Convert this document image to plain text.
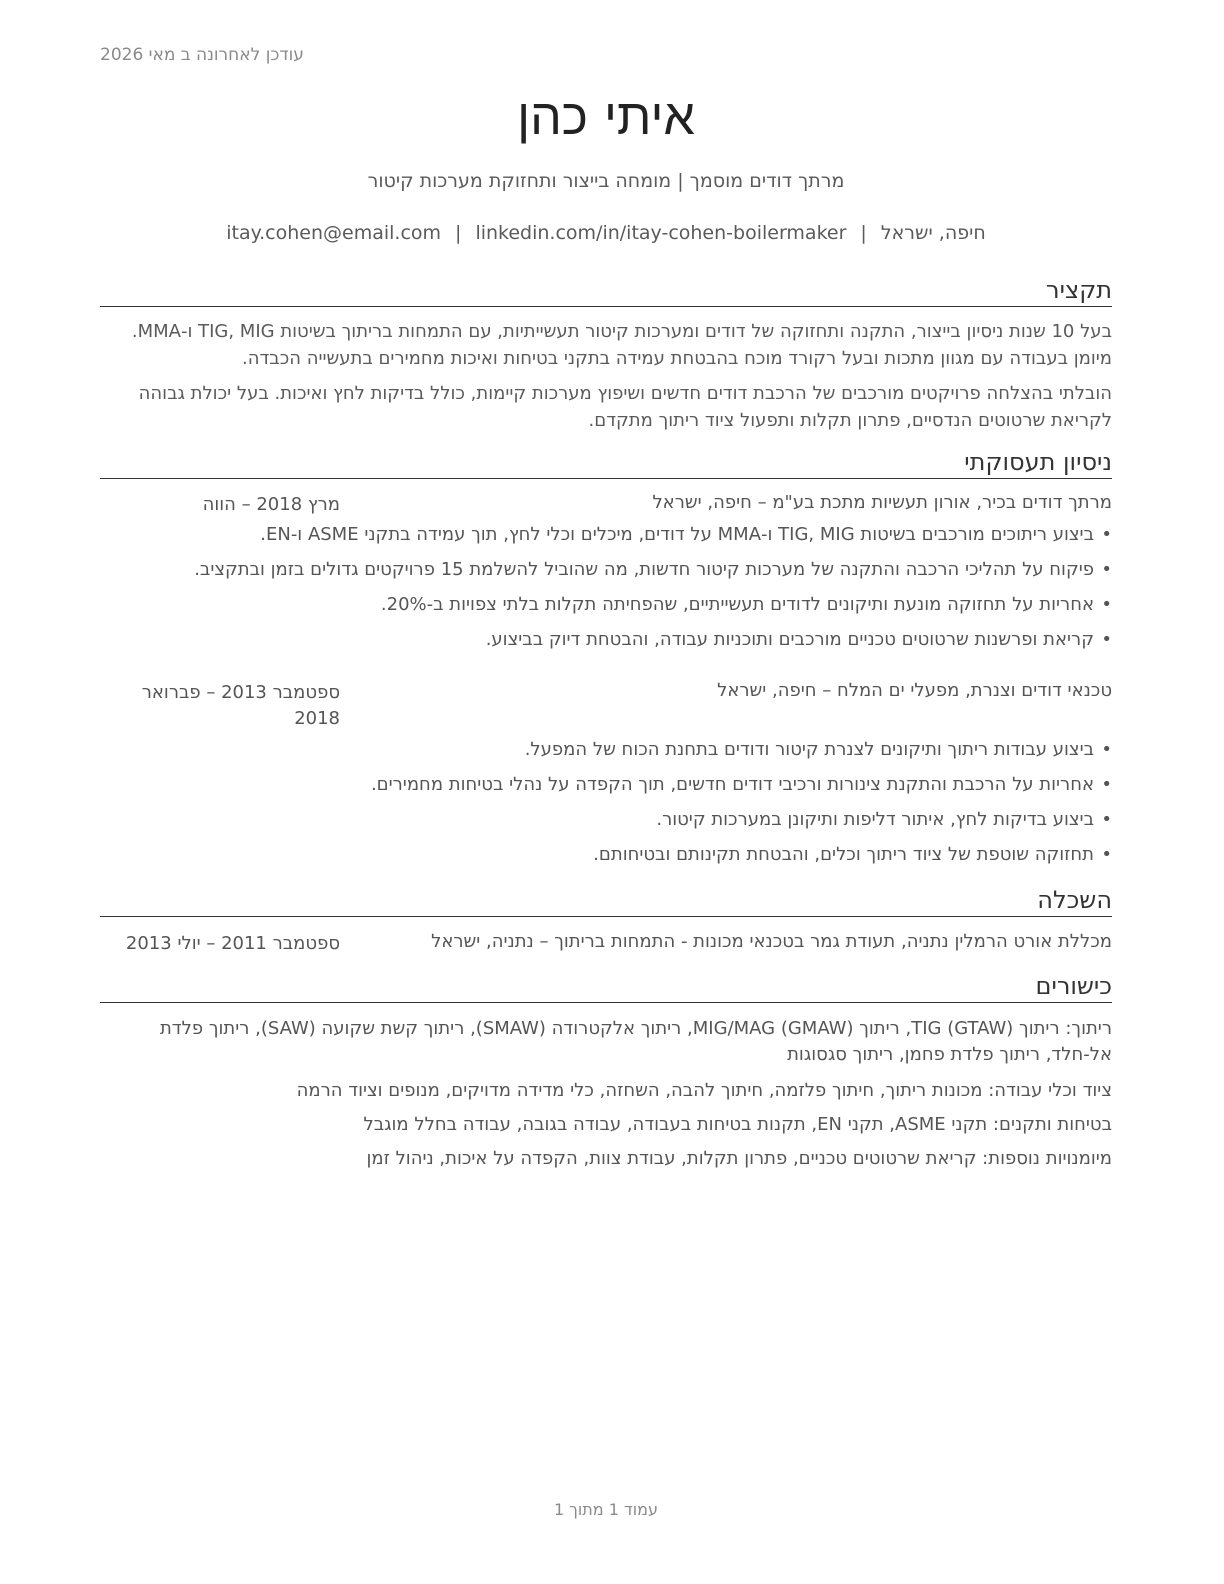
עודכן לאחרונה ב מאי 2026
איתי כהן
מרתך דודים מוסמך | מומחה בייצור ותחזוקת מערכות קיטור
חיפה, ישראל|itay.cohen@email.com | linkedin.com/in/itay-cohen-boilermaker
תקציר

בעל 10 שנות ניסיון בייצור, התקנה ותחזוקה של דודים ומערכות קיטור תעשייתיות, עם התמחות בריתוך בשיטות TIG, MIG ו-MMA. מיומן בעבודה עם מגוון מתכות ובעל רקורד מוכח בהבטחת עמידה בתקני בטיחות ואיכות מחמירים בתעשייה הכבדה.

הובלתי בהצלחה פרויקטים מורכבים של הרכבת דודים חדשים ושיפוץ מערכות קיימות, כולל בדיקות לחץ ואיכות. בעל יכולת גבוהה לקריאת שרטוטים הנדסיים, פתרון תקלות ותפעול ציוד ריתוך מתקדם.

ניסיון תעסוקתי
מרתך דודים בכיר, אורון תעשיות מתכת בע"מ – חיפה, ישראל
מרץ 2018 – הווה
• ביצוע ריתוכים מורכבים בשיטות TIG, MIG ו-MMA על דודים, מיכלים וכלי לחץ, תוך עמידה בתקני ASME ו-EN.
• פיקוח על תהליכי הרכבה והתקנה של מערכות קיטור חדשות, מה שהוביל להשלמת 15 פרויקטים גדולים בזמן ובתקציב.
• אחריות על תחזוקה מונעת ותיקונים לדודים תעשייתיים, שהפחיתה תקלות בלתי צפויות ב-20%.
• קריאת ופרשנות שרטוטים טכניים מורכבים ותוכניות עבודה, והבטחת דיוק בביצוע.
טכנאי דודים וצנרת, מפעלי ים המלח – חיפה, ישראל
ספטמבר 2013 – פברואר 2018
• ביצוע עבודות ריתוך ותיקונים לצנרת קיטור ודודים בתחנת הכוח של המפעל.
• אחריות על הרכבת והתקנת צינורות ורכיבי דודים חדשים, תוך הקפדה על נהלי בטיחות מחמירים.
• ביצוע בדיקות לחץ, איתור דליפות ותיקונן במערכות קיטור.
• תחזוקה שוטפת של ציוד ריתוך וכלים, והבטחת תקינותם ובטיחותם.
השכלה
מכללת אורט הרמלין נתניה, תעודת גמר בטכנאי מכונות - התמחות בריתוך – נתניה, ישראל
ספטמבר 2011 – יולי 2013
כישורים

ריתוך: ריתוך TIG (GTAW), ריתוך MIG/MAG (GMAW), ריתוך אלקטרודה (SMAW), ריתוך קשת שקועה (SAW), ריתוך פלדת אל-חלד, ריתוך פלדת פחמן, ריתוך סגסוגות

ציוד וכלי עבודה: מכונות ריתוך, חיתוך פלזמה, חיתוך להבה, השחזה, כלי מדידה מדויקים, מנופים וציוד הרמה

בטיחות ותקנים: תקני ASME, תקני EN, תקנות בטיחות בעבודה, עבודה בגובה, עבודה בחלל מוגבל

מיומנויות נוספות: קריאת שרטוטים טכניים, פתרון תקלות, עבודת צוות, הקפדה על איכות, ניהול זמן

עמוד 1 מתוך 1
